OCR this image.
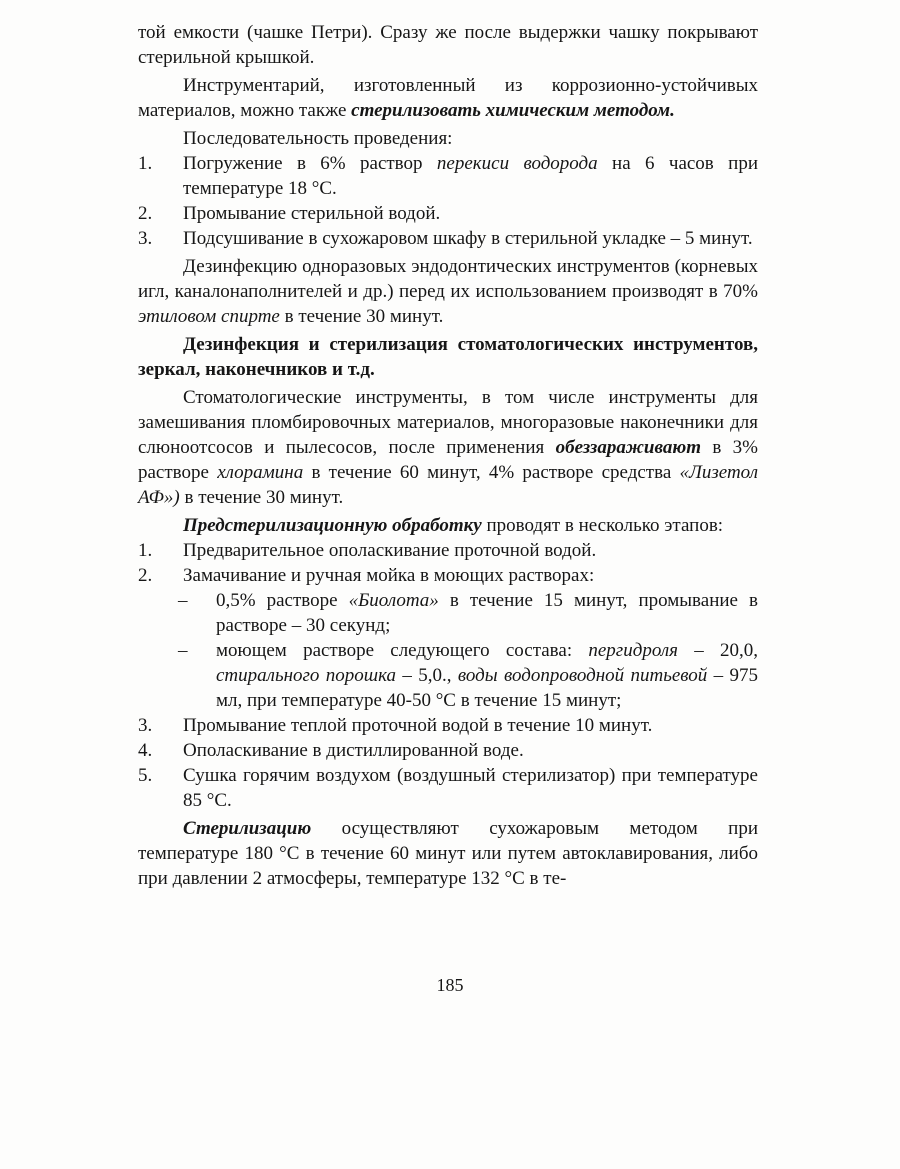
той емкости (чашке Петри). Сразу же после выдержки чашку покрывают стерильной крышкой.

Инструментарий, изготовленный из коррозионно-устойчивых материалов, можно также стерилизовать химическим методом.

Последовательность проведения:

1. Погружение в 6% раствор перекиси водорода на 6 часов при температуре 18 °С.

2. Промывание стерильной водой.

3. Подсушивание в сухожаровом шкафу в стерильной укладке – 5 минут.

Дезинфекцию одноразовых эндодонтических инструментов (корневых игл, каналонаполнителей и др.) перед их использованием производят в 70% этиловом спирте в течение 30 минут.

Дезинфекция и стерилизация стоматологических инструментов, зеркал, наконечников и т.д.

Стоматологические инструменты, в том числе инструменты для замешивания пломбировочных материалов, многоразовые наконечники для слюноотсосов и пылесосов, после применения обеззараживают в 3% растворе хлорамина в течение 60 минут, 4% растворе средства «Лизетол АФ») в течение 30 минут.

Предстерилизационную обработку проводят в несколько этапов:

1. Предварительное ополаскивание проточной водой.

2. Замачивание и ручная мойка в моющих растворах:

– 0,5% растворе «Биолота» в течение 15 минут, промывание в растворе – 30 секунд;

– моющем растворе следующего состава: пергидроля – 20,0, стирального порошка – 5,0., воды водопроводной питьевой – 975 мл, при температуре 40-50 °С в течение 15 минут;

3. Промывание теплой проточной водой в течение 10 минут.

4. Ополаскивание в дистиллированной воде.

5. Сушка горячим воздухом (воздушный стерилизатор) при температуре 85 °С.

Стерилизацию осуществляют сухожаровым методом при температуре 180 °С в течение 60 минут или путем автоклавирования, либо при давлении 2 атмосферы, температуре 132 °С в те-

185
